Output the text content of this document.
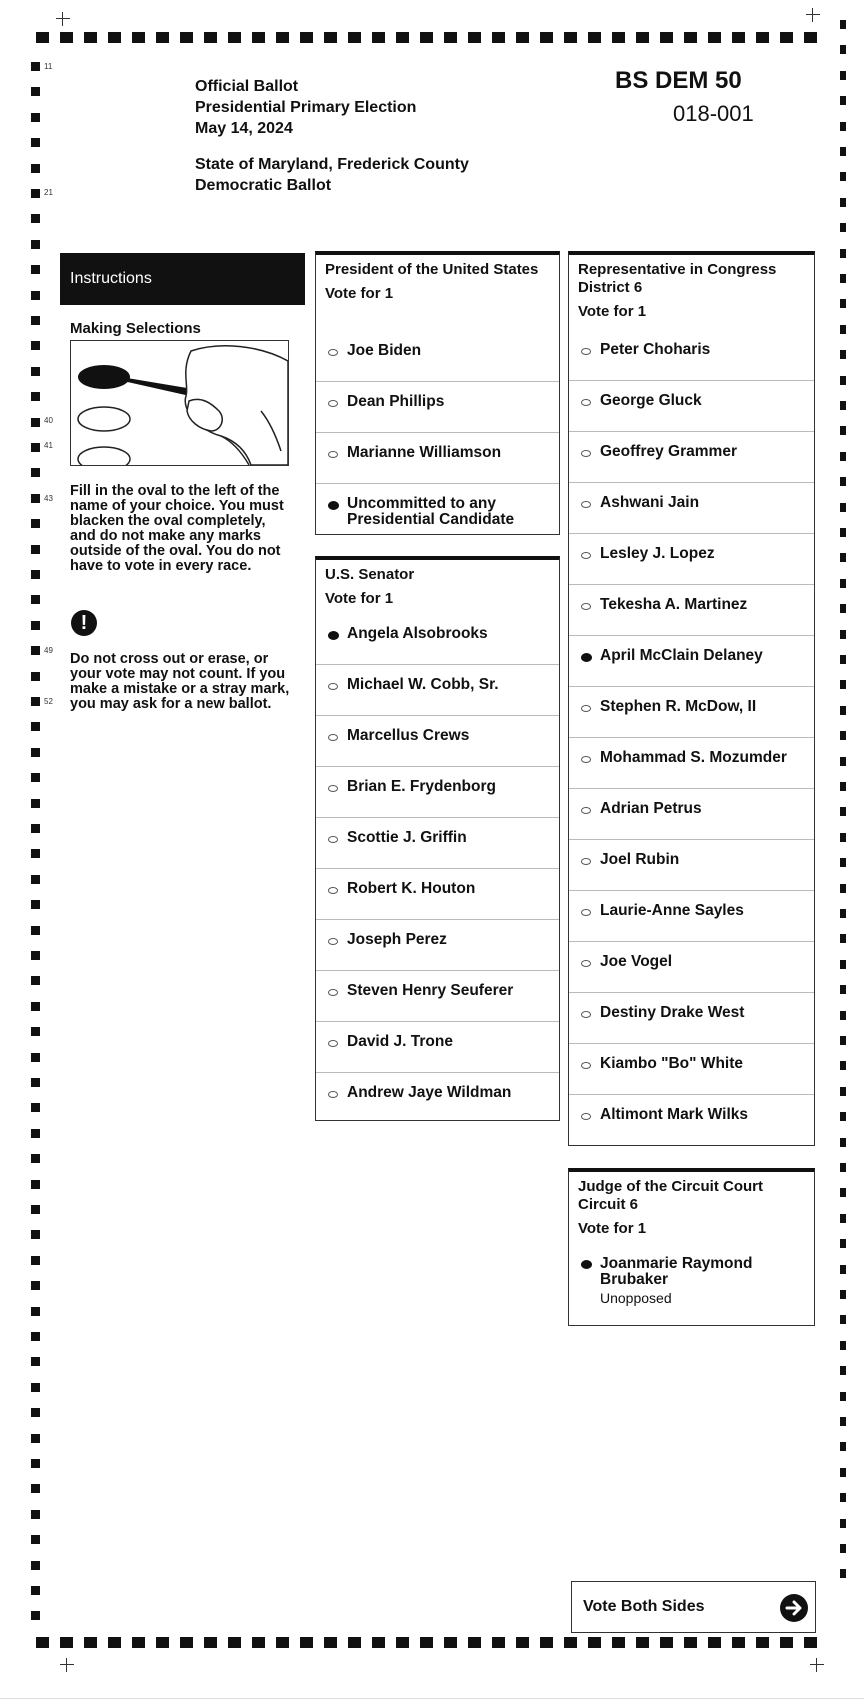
11
21
40
41
43
49
52
Official Ballot
Presidential Primary Election
May 14, 2024
State of Maryland, Frederick County
Democratic Ballot
BS DEM 50
018-001
Instructions
Making Selections
Fill in the oval to the left of the name of your choice. You must blacken the oval completely, and do not make any marks outside of the oval. You do not have to vote in every race.
!
Do not cross out or erase, or your vote may not count. If you make a mistake or a stray mark, you may ask for a new ballot.
President of the United States
Vote for 1
Joe Biden
Dean Phillips
Marianne Williamson
Uncommitted to any Presidential Candidate
U.S. Senator
Vote for 1
Angela Alsobrooks
Michael W. Cobb, Sr.
Marcellus Crews
Brian E. Frydenborg
Scottie J. Griffin
Robert K. Houton
Joseph Perez
Steven Henry Seuferer
David J. Trone
Andrew Jaye Wildman
Representative in Congress District 6
Vote for 1
Peter Choharis
George Gluck
Geoffrey Grammer
Ashwani Jain
Lesley J. Lopez
Tekesha A. Martinez
April McClain Delaney
Stephen R. McDow, II
Mohammad S. Mozumder
Adrian Petrus
Joel Rubin
Laurie-Anne Sayles
Joe Vogel
Destiny Drake West
Kiambo "Bo" White
Altimont Mark Wilks
Judge of the Circuit Court Circuit 6
Vote for 1
Joanmarie Raymond Brubaker
Unopposed
Vote Both Sides
